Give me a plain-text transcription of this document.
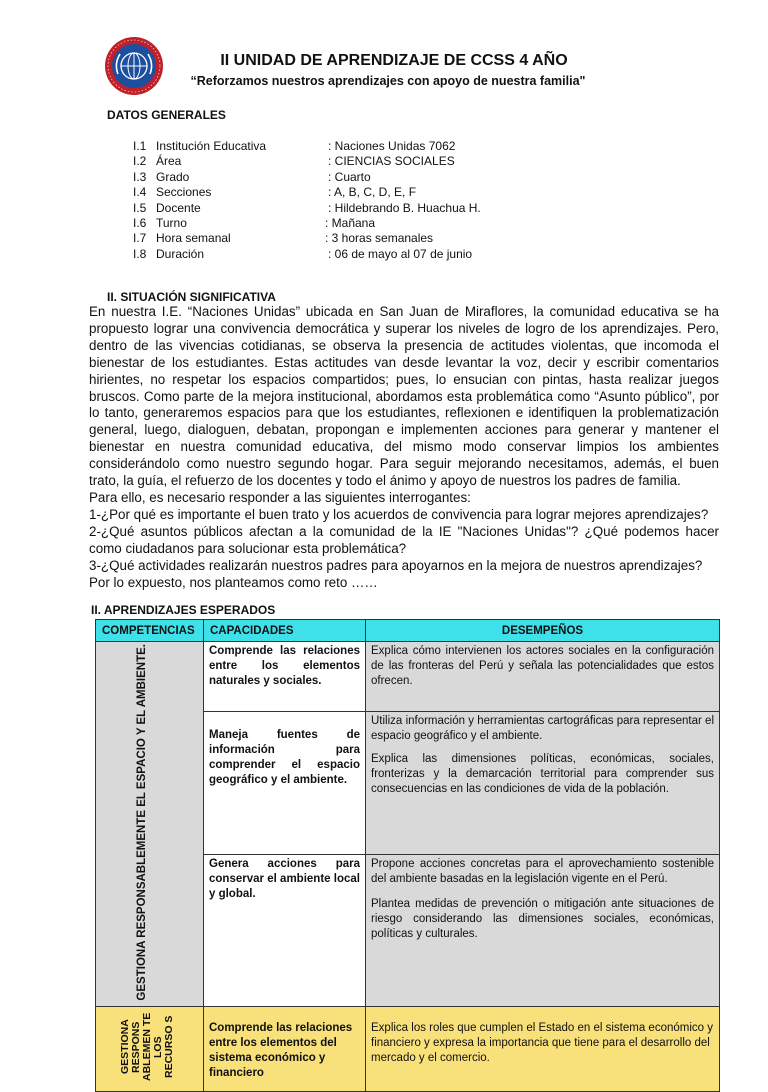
II UNIDAD DE APRENDIZAJE DE CCSS 4 AÑO
“Reforzamos nuestros aprendizajes con apoyo de nuestra familia"
DATOS GENERALES
I.1 Institución Educativa	: Naciones Unidas 7062
I.2 Área	: CIENCIAS SOCIALES
I.3 Grado	: Cuarto
I.4 Secciones	: A, B, C, D, E, F
I.5 Docente	: Hildebrando B. Huachua H.
I.6 Turno	: Mañana
I.7 Hora semanal	: 3 horas semanales
I.8 Duración	: 06 de mayo al 07 de junio
II. SITUACIÓN SIGNIFICATIVA

En nuestra I.E. “Naciones Unidas” ubicada en San Juan de Miraflores, la comunidad educativa se ha propuesto lograr una convivencia democrática y superar los niveles de logro de los aprendizajes. Pero, dentro de las vivencias cotidianas, se observa la presencia de actitudes violentas, que incomoda el bienestar de los estudiantes. Estas actitudes van desde levantar la voz, decir y escribir comentarios hirientes, no respetar los espacios compartidos; pues, lo ensucian con pintas, hasta realizar juegos bruscos. Como parte de la mejora institucional, abordamos esta problemática como “Asunto público”, por lo tanto, generaremos espacios para que los estudiantes, reflexionen e identifiquen la problematización general, luego, dialoguen, debatan, propongan e implementen acciones para generar y mantener el bienestar en nuestra comunidad educativa, del mismo modo conservar limpios los ambientes considerándolo como nuestro segundo hogar. Para seguir mejorando necesitamos, además, el buen trato, la guía, el refuerzo de los docentes y todo el ánimo y apoyo de nuestros los padres de familia.

Para ello, es necesario responder a las siguientes interrogantes:

1-¿Por qué es importante el buen trato y los acuerdos de convivencia para lograr mejores aprendizajes?

2-¿Qué asuntos públicos afectan a la comunidad de la IE "Naciones Unidas"? ¿Qué podemos hacer como ciudadanos para solucionar esta problemática?

3-¿Qué actividades realizarán nuestros padres para apoyarnos en la mejora de nuestros aprendizajes?

Por lo expuesto, nos planteamos como reto ……

II. APRENDIZAJES ESPERADOS
COMPETENCIAS	CAPACIDADES	DESEMPEÑOS
GESTIONA RESPONSABLEMENTE EL ESPACIO Y EL AMBIENTE.	Comprende las relaciones entre los elementos naturales y sociales.	Explica cómo intervienen los actores sociales en la configuración de las fronteras del Perú y señala las potencialidades que estos ofrecen.

	Maneja fuentes de información para comprender el espacio geográfico y el ambiente.	Utiliza información y herramientas cartográficas para representar el espacio geográfico y el ambiente.

Explica las dimensiones políticas, económicas, sociales, fronterizas y la demarcación territorial para comprender sus consecuencias en las condiciones de vida de la población.

	Genera acciones para conservar el ambiente local y global.	Propone acciones concretas para el aprovechamiento sostenible del ambiente basadas en la legislación vigente en el Perú.

Plantea medidas de prevención o mitigación ante situaciones de riesgo considerando las dimensiones sociales, económicas, políticas y culturales.

GESTIONA RESPONS ABLEMEN TE LOS RECURSO S	Comprende las relaciones entre los elementos del sistema económico y financiero	Explica los roles que cumplen el Estado en el sistema económico y financiero y expresa la importancia que tiene para el desarrollo del mercado y el comercio.
